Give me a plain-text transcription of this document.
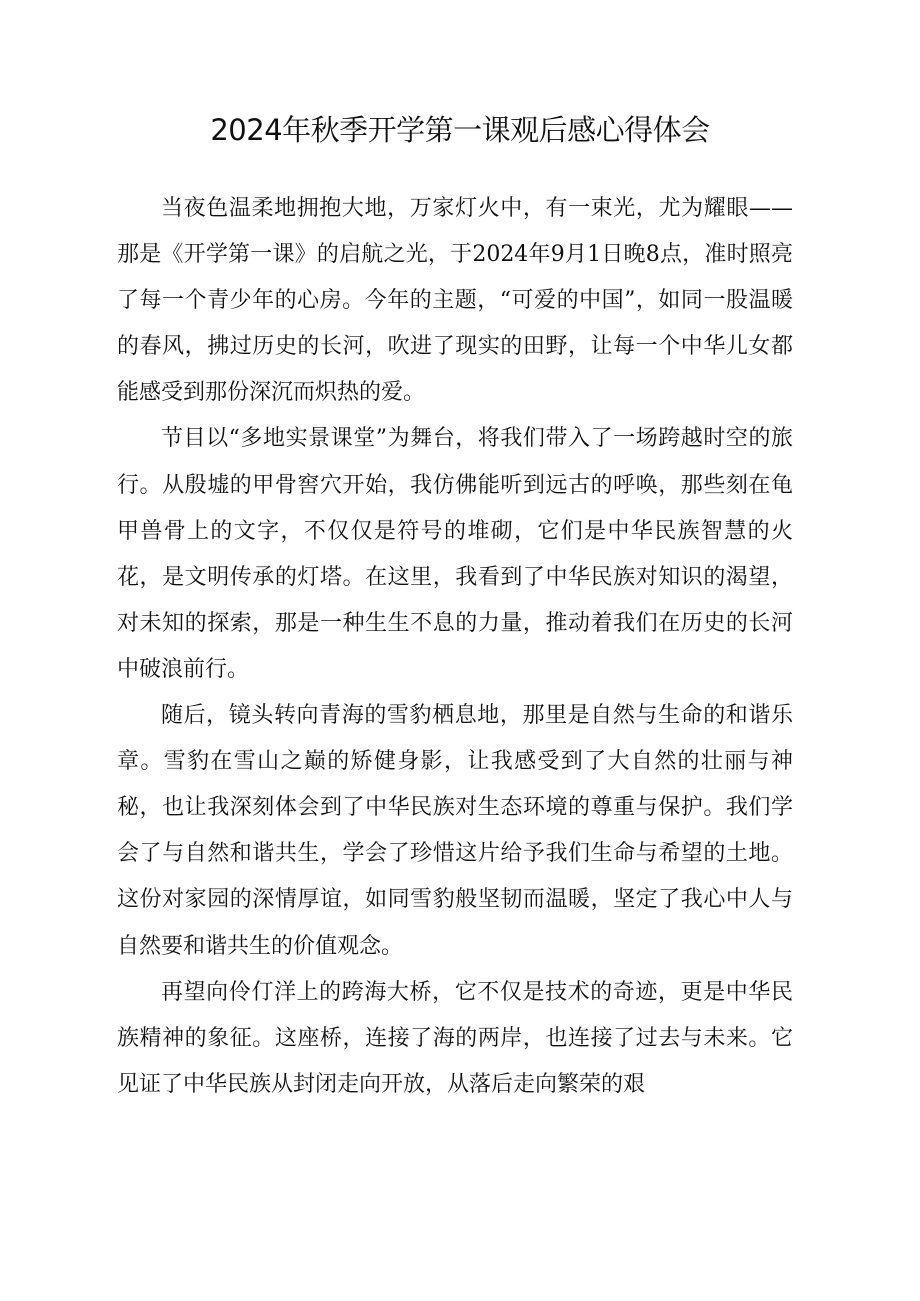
2024年秋季开学第一课观后感心得体会

当夜色温柔地拥抱大地，万家灯火中，有一束光，尤为耀眼——那是《开学第一课》的启航之光，于2024年9月1日晚8点，准时照亮了每一个青少年的心房。今年的主题，“可爱的中国”，如同一股温暖的春风，拂过历史的长河，吹进了现实的田野，让每一个中华儿女都能感受到那份深沉而炽热的爱。

节目以“多地实景课堂”为舞台，将我们带入了一场跨越时空的旅行。从殷墟的甲骨窖穴开始，我仿佛能听到远古的呼唤，那些刻在龟甲兽骨上的文字，不仅仅是符号的堆砌，它们是中华民族智慧的火花，是文明传承的灯塔。在这里，我看到了中华民族对知识的渴望，对未知的探索，那是一种生生不息的力量，推动着我们在历史的长河中破浪前行。

随后，镜头转向青海的雪豹栖息地，那里是自然与生命的和谐乐章。雪豹在雪山之巅的矫健身影，让我感受到了大自然的壮丽与神秘，也让我深刻体会到了中华民族对生态环境的尊重与保护。我们学会了与自然和谐共生，学会了珍惜这片给予我们生命与希望的土地。这份对家园的深情厚谊，如同雪豹般坚韧而温暖，坚定了我心中人与自然要和谐共生的价值观念。

再望向伶仃洋上的跨海大桥，它不仅是技术的奇迹，更是中华民族精神的象征。这座桥，连接了海的两岸，也连接了过去与未来。它见证了中华民族从封闭走向开放，从落后走向繁荣的艰
